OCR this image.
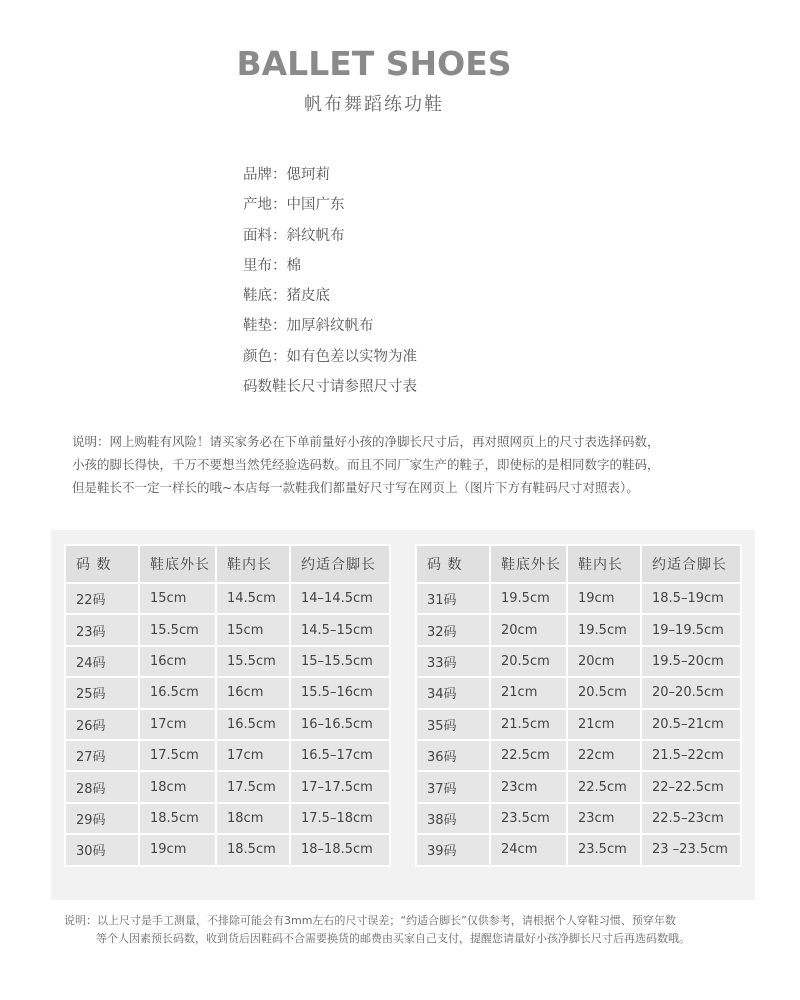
BALLET SHOES
帆布舞蹈练功鞋
品牌：偲珂莉
产地：中国广东
面料：斜纹帆布
里布：棉
鞋底：猪皮底
鞋垫：加厚斜纹帆布
颜色：如有色差以实物为准
码数鞋长尺寸请参照尺寸表

说明：网上购鞋有风险！请买家务必在下单前量好小孩的净脚长尺寸后，再对照网页上的尺寸表选择码数，

小孩的脚长得快，千万不要想当然凭经验选码数。而且不同厂家生产的鞋子，即使标的是相同数字的鞋码，

但是鞋长不一定一样长的哦~本店每一款鞋我们都量好尺寸写在网页上（图片下方有鞋码尺寸对照表）。

码 数	鞋底外长	鞋内长	约适合脚长
22码	15cm	14.5cm	14–14.5cm
23码	15.5cm	15cm	14.5–15cm
24码	16cm	15.5cm	15–15.5cm
25码	16.5cm	16cm	15.5–16cm
26码	17cm	16.5cm	16–16.5cm
27码	17.5cm	17cm	16.5–17cm
28码	18cm	17.5cm	17–17.5cm
29码	18.5cm	18cm	17.5–18cm
30码	19cm	18.5cm	18–18.5cm
码 数	鞋底外长	鞋内长	约适合脚长
31码	19.5cm	19cm	18.5–19cm
32码	20cm	19.5cm	19–19.5cm
33码	20.5cm	20cm	19.5–20cm
34码	21cm	20.5cm	20–20.5cm
35码	21.5cm	21cm	20.5–21cm
36码	22.5cm	22cm	21.5–22cm
37码	23cm	22.5cm	22–22.5cm
38码	23.5cm	23cm	22.5–23cm
39码	24cm	23.5cm	23 –23.5cm

说明：以上尺寸是手工测量，不排除可能会有3mm左右的尺寸误差；“约适合脚长”仅供参考，请根据个人穿鞋习惯、预穿年数

等个人因素预长码数，收到货后因鞋码不合需要换货的邮费由买家自己支付，提醒您请量好小孩净脚长尺寸后再选码数哦。
